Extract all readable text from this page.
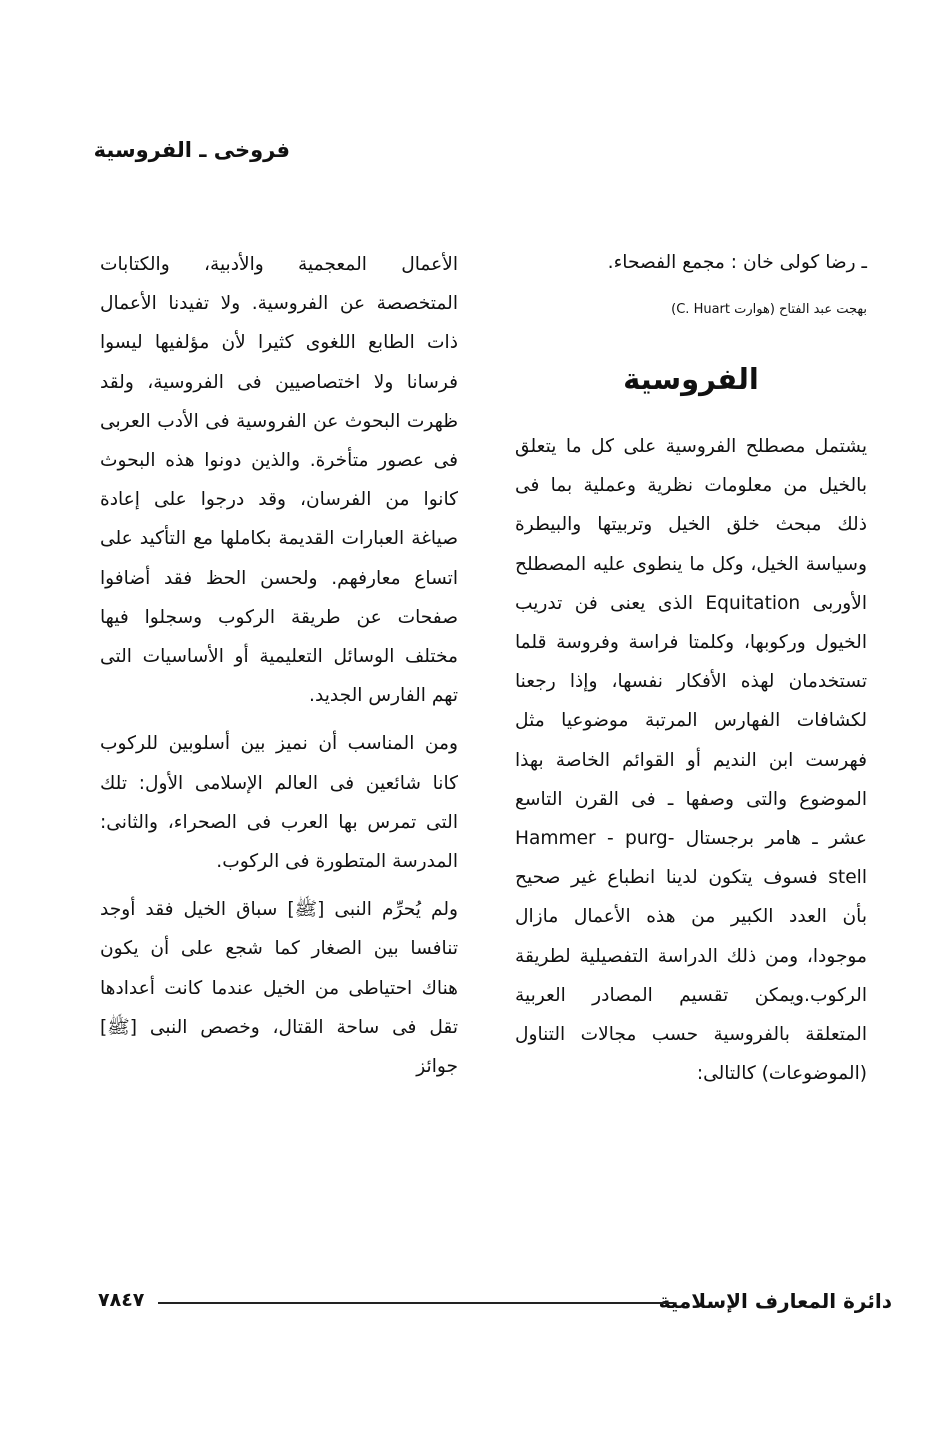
فروخى ـ الفروسية
ـ رضا كولى خان : مجمع الفصحاء.
بهجت عبد الفتاح (هوارت C. Huart)
الفروسية

يشتمل مصطلح الفروسية على كل ما يتعلق بالخيل من معلومات نظرية وعملية بما فى ذلك مبحث خلق الخيل وتربيتها والبيطرة وسياسة الخيل، وكل ما ينطوى عليه المصطلح الأوربى Equitation الذى يعنى فن تدريب الخيول وركوبها، وكلمتا فراسة وفروسة قلما تستخدمان لهذه الأفكار نفسها، وإذا رجعنا لكشافات الفهارس المرتبة موضوعيا مثل فهرست ابن النديم أو القوائم الخاصة بهذا الموضوع والتى وصفها ـ فى القرن التاسع عشر ـ هامر برجستال Hammer - purg- stell فسوف يتكون لدينا انطباع غير صحيح بأن العدد الكبير من هذه الأعمال مازال موجودا، ومن ذلك الدراسة التفصيلية لطريقة الركوب.ويمكن تقسيم المصادر العربية المتعلقة بالفروسية حسب مجالات التناول (الموضوعات) كالتالى:

الأعمال المعجمية والأدبية، والكتابات المتخصصة عن الفروسية. ولا تفيدنا الأعمال ذات الطابع اللغوى كثيرا لأن مؤلفيها ليسوا فرسانا ولا اختصاصيين فى الفروسية، ولقد ظهرت البحوث عن الفروسية فى الأدب العربى فى عصور متأخرة. والذين دونوا هذه البحوث كانوا من الفرسان، وقد درجوا على إعادة صياغة العبارات القديمة بكاملها مع التأكيد على اتساع معارفهم. ولحسن الحظ فقد أضافوا صفحات عن طريقة الركوب وسجلوا فيها مختلف الوسائل التعليمية أو الأساسيات التى تهم الفارس الجديد.

ومن المناسب أن نميز بين أسلوبين للركوب كانا شائعين فى العالم الإسلامى الأول: تلك التى تمرس بها العرب فى الصحراء، والثانى: المدرسة المتطورة فى الركوب.

ولم يُحرِّم النبى [ﷺ] سباق الخيل فقد أوجد تنافسا بين الصغار كما شجع على أن يكون هناك احتياطى من الخيل عندما كانت أعدادها تقل فى ساحة القتال، وخصص النبى [ﷺ] جوائز

دائرة المعارف الإسلامية
٧٨٤٧
